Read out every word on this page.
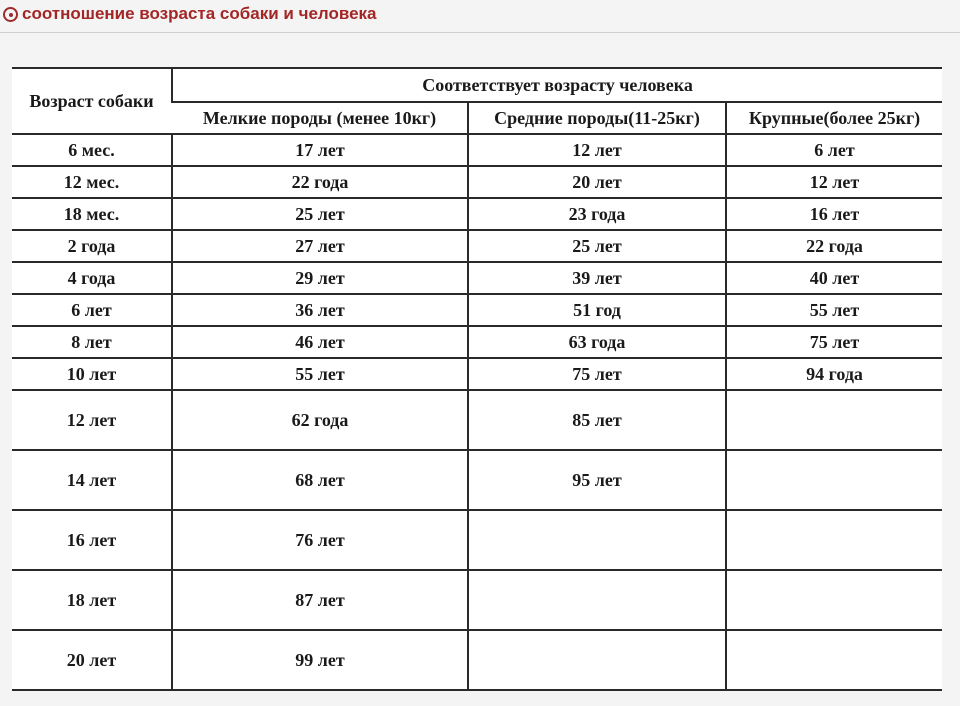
соотношение возраста собаки и человека
Возраст собаки	Соответствует возрасту человека		
	Мелкие породы (менее 10кг)	Средние породы(11-25кг)	Крупные(более 25кг)
6 мес.	17 лет	12 лет	6 лет
12 мес.	22 года	20 лет	12 лет
18 мес.	25 лет	23 года	16 лет
2 года	27 лет	25 лет	22 года
4 года	29 лет	39 лет	40 лет
6 лет	36 лет	51 год	55 лет
8 лет	46 лет	63 года	75 лет
10 лет	55 лет	75 лет	94 года
12 лет	62 года	85 лет	
14 лет	68 лет	95 лет	
16 лет	76 лет		
18 лет	87 лет		
20 лет	99 лет		
